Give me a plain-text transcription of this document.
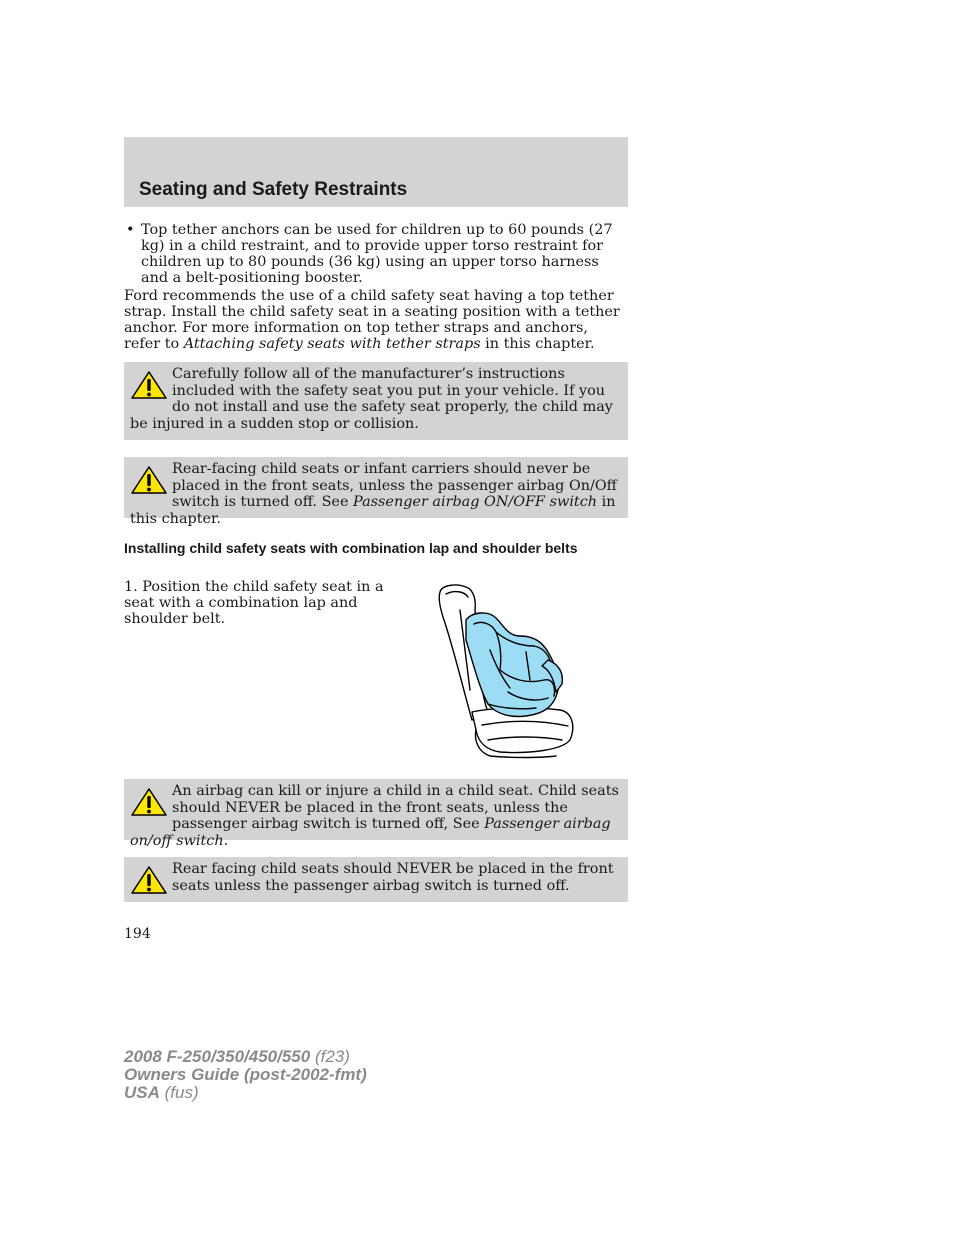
Seating and Safety Restraints
• Top tether anchors can be used for children up to 60 pounds (27 kg) in a child restraint, and to provide upper torso restraint for children up to 80 pounds (36 kg) using an upper torso harness and a belt-positioning booster.

Ford recommends the use of a child safety seat having a top tether strap. Install the child safety seat in a seating position with a tether anchor. For more information on top tether straps and anchors, refer to Attaching safety seats with tether straps in this chapter.

Carefully follow all of the manufacturer’s instructions included with the safety seat you put in your vehicle. If you do not install and use the safety seat properly, the child may be injured in a sudden stop or collision.
Rear-facing child seats or infant carriers should never be placed in the front seats, unless the passenger airbag On/Off switch is turned off. See Passenger airbag ON/OFF switch in this chapter.
Installing child safety seats with combination lap and shoulder belts

1. Position the child safety seat in a seat with a combination lap and shoulder belt.

An airbag can kill or injure a child in a child seat. Child seats should NEVER be placed in the front seats, unless the passenger airbag switch is turned off, See Passenger airbag on/off switch.
Rear facing child seats should NEVER be placed in the front seats unless the passenger airbag switch is turned off.
194
2008 F-250/350/450/550 (f23)
Owners Guide (post-2002-fmt)
USA (fus)
